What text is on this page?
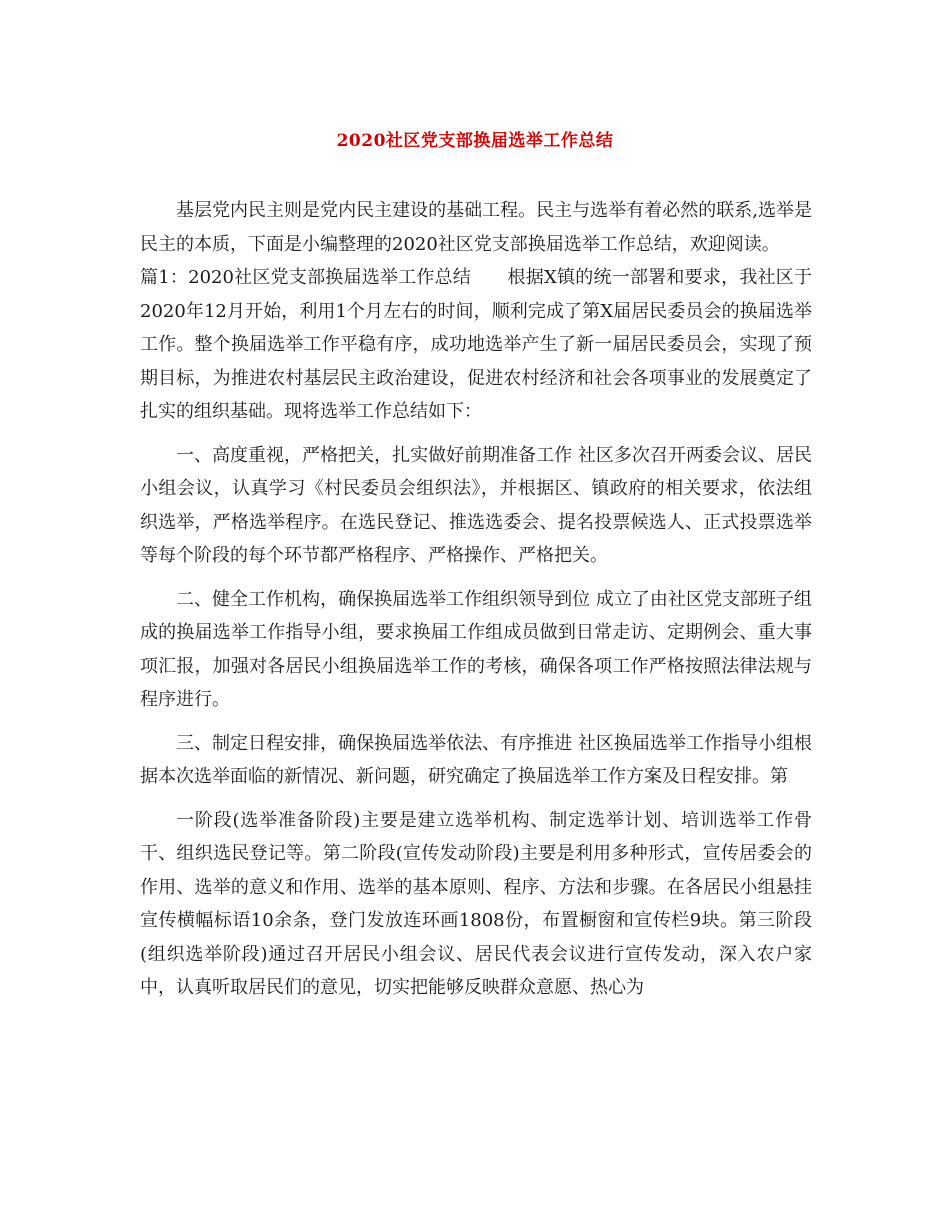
2020社区党支部换届选举工作总结

基层党内民主则是党内民主建设的基础工程。民主与选举有着必然的联系,选举是民主的本质，下面是小编整理的2020社区党支部换届选举工作总结，欢迎阅读。

篇1：2020社区党支部换届选举工作总结　　根据X镇的统一部署和要求，我社区于2020年12月开始，利用1个月左右的时间，顺利完成了第X届居民委员会的换届选举工作。整个换届选举工作平稳有序，成功地选举产生了新一届居民委员会，实现了预期目标，为推进农村基层民主政治建设，促进农村经济和社会各项事业的发展奠定了扎实的组织基础。现将选举工作总结如下：

一、高度重视，严格把关，扎实做好前期准备工作 社区多次召开两委会议、居民小组会议，认真学习《村民委员会组织法》，并根据区、镇政府的相关要求，依法组织选举，严格选举程序。在选民登记、推选选委会、提名投票候选人、正式投票选举等每个阶段的每个环节都严格程序、严格操作、严格把关。

二、健全工作机构，确保换届选举工作组织领导到位 成立了由社区党支部班子组成的换届选举工作指导小组，要求换届工作组成员做到日常走访、定期例会、重大事项汇报，加强对各居民小组换届选举工作的考核，确保各项工作严格按照法律法规与程序进行。

三、制定日程安排，确保换届选举依法、有序推进 社区换届选举工作指导小组根据本次选举面临的新情况、新问题，研究确定了换届选举工作方案及日程安排。第

一阶段(选举准备阶段)主要是建立选举机构、制定选举计划、培训选举工作骨干、组织选民登记等。第二阶段(宣传发动阶段)主要是利用多种形式，宣传居委会的作用、选举的意义和作用、选举的基本原则、程序、方法和步骤。在各居民小组悬挂宣传横幅标语10余条，登门发放连环画1808份，布置橱窗和宣传栏9块。第三阶段(组织选举阶段)通过召开居民小组会议、居民代表会议进行宣传发动，深入农户家中，认真听取居民们的意见，切实把能够反映群众意愿、热心为
